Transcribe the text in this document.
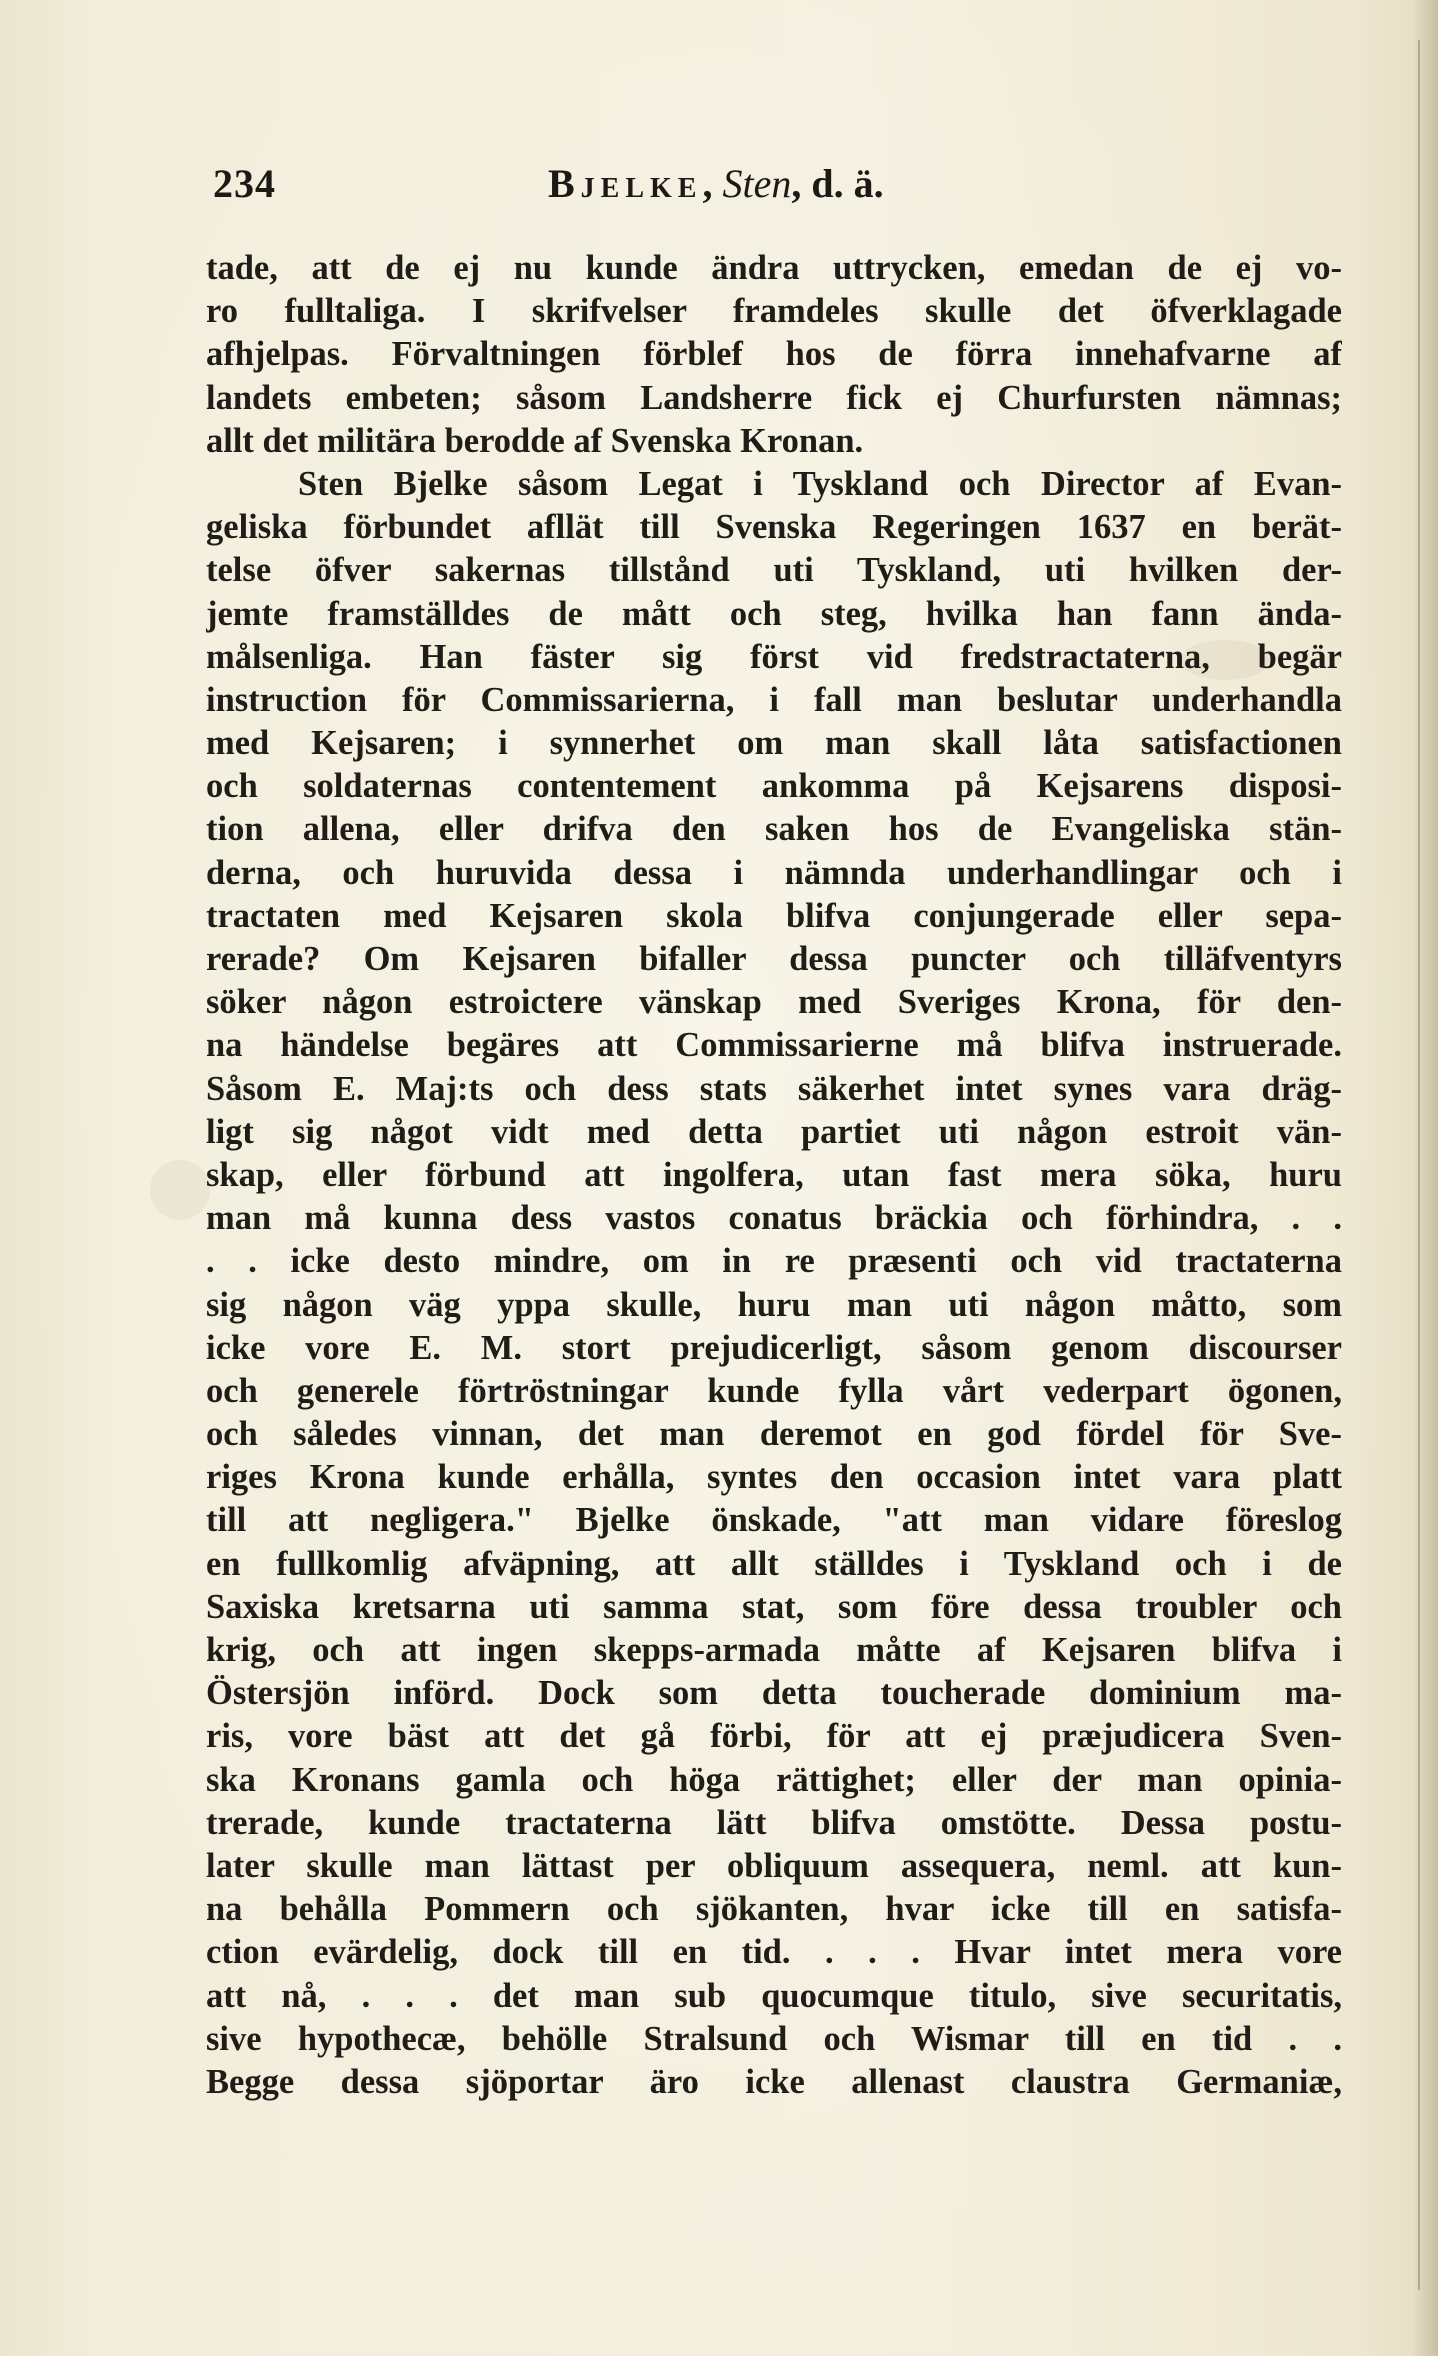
234	Bjelke, Sten, d. ä.
tade, att de ej nu kunde ändra uttrycken, emedan de ej vo-
ro fulltaliga. I skrifvelser framdeles skulle det öfverklagade
afhjelpas. Förvaltningen förblef hos de förra innehafvarne af
landets embeten; såsom Landsherre fick ej Churfursten nämnas;
allt det militära berodde af Svenska Kronan.
Sten Bjelke såsom Legat i Tyskland och Director af Evan-
geliska förbundet afllät till Svenska Regeringen 1637 en berät-
telse öfver sakernas tillstånd uti Tyskland, uti hvilken der-
jemte framställdes de mått och steg, hvilka han fann ända-
målsenliga. Han fäster sig först vid fredstractaterna, begär
instruction för Commissarierna, i fall man beslutar underhandla
med Kejsaren; i synnerhet om man skall låta satisfactionen
och soldaternas contentement ankomma på Kejsarens disposi-
tion allena, eller drifva den saken hos de Evangeliska stän-
derna, och huruvida dessa i nämnda underhandlingar och i
tractaten med Kejsaren skola blifva conjungerade eller sepa-
rerade? Om Kejsaren bifaller dessa puncter och tilläfventyrs
söker någon estroictere vänskap med Sveriges Krona, för den-
na händelse begäres att Commissarierne må blifva instruerade.
Såsom E. Maj:ts och dess stats säkerhet intet synes vara dräg-
ligt sig något vidt med detta partiet uti någon estroit vän-
skap, eller förbund att ingolfera, utan fast mera söka, huru
man må kunna dess vastos conatus bräckia och förhindra, . .
. . icke desto mindre, om in re præsenti och vid tractaterna
sig någon väg yppa skulle, huru man uti någon måtto, som
icke vore E. M. stort prejudicerligt, såsom genom discourser
och generele förtröstningar kunde fylla vårt vederpart ögonen,
och således vinnan, det man deremot en god fördel för Sve-
riges Krona kunde erhålla, syntes den occasion intet vara platt
till att negligera." Bjelke önskade, "att man vidare föreslog
en fullkomlig afväpning, att allt ställdes i Tyskland och i de
Saxiska kretsarna uti samma stat, som före dessa troubler och
krig, och att ingen skepps-armada måtte af Kejsaren blifva i
Östersjön införd. Dock som detta toucherade dominium ma-
ris, vore bäst att det gå förbi, för att ej præjudicera Sven-
ska Kronans gamla och höga rättighet; eller der man opinia-
trerade, kunde tractaterna lätt blifva omstötte. Dessa postu-
later skulle man lättast per obliquum assequera, neml. att kun-
na behålla Pommern och sjökanten, hvar icke till en satisfa-
ction evärdelig, dock till en tid. . . . Hvar intet mera vore
att nå, . . . det man sub quocumque titulo, sive securitatis,
sive hypothecæ, behölle Stralsund och Wismar till en tid . .
Begge dessa sjöportar äro icke allenast claustra Germaniæ,
